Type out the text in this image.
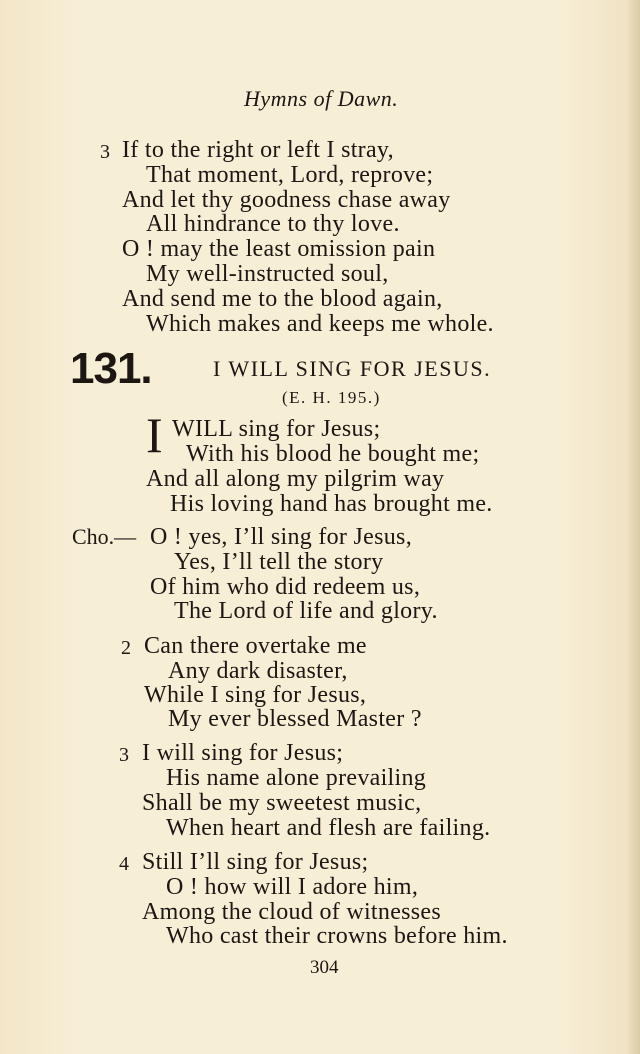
Hymns of Dawn.
3 If to the right or left I stray,
That moment, Lord, reprove;
And let thy goodness chase away
All hindrance to thy love.
O ! may the least omission pain
My well-instructed soul,
And send me to the blood again,
Which makes and keeps me whole.
131.	I WILL SING FOR JESUS.
(E. H. 195.)
I WILL sing for Jesus;
With his blood he bought me;
And all along my pilgrim way
His loving hand has brought me.
Cho.— O ! yes, I’ll sing for Jesus,
Yes, I’ll tell the story
Of him who did redeem us,
The Lord of life and glory.
2 Can there overtake me
Any dark disaster,
While I sing for Jesus,
My ever blessed Master ?
3 I will sing for Jesus;
His name alone prevailing
Shall be my sweetest music,
When heart and flesh are failing.
4 Still I’ll sing for Jesus;
O ! how will I adore him,
Among the cloud of witnesses
Who cast their crowns before him.
304
